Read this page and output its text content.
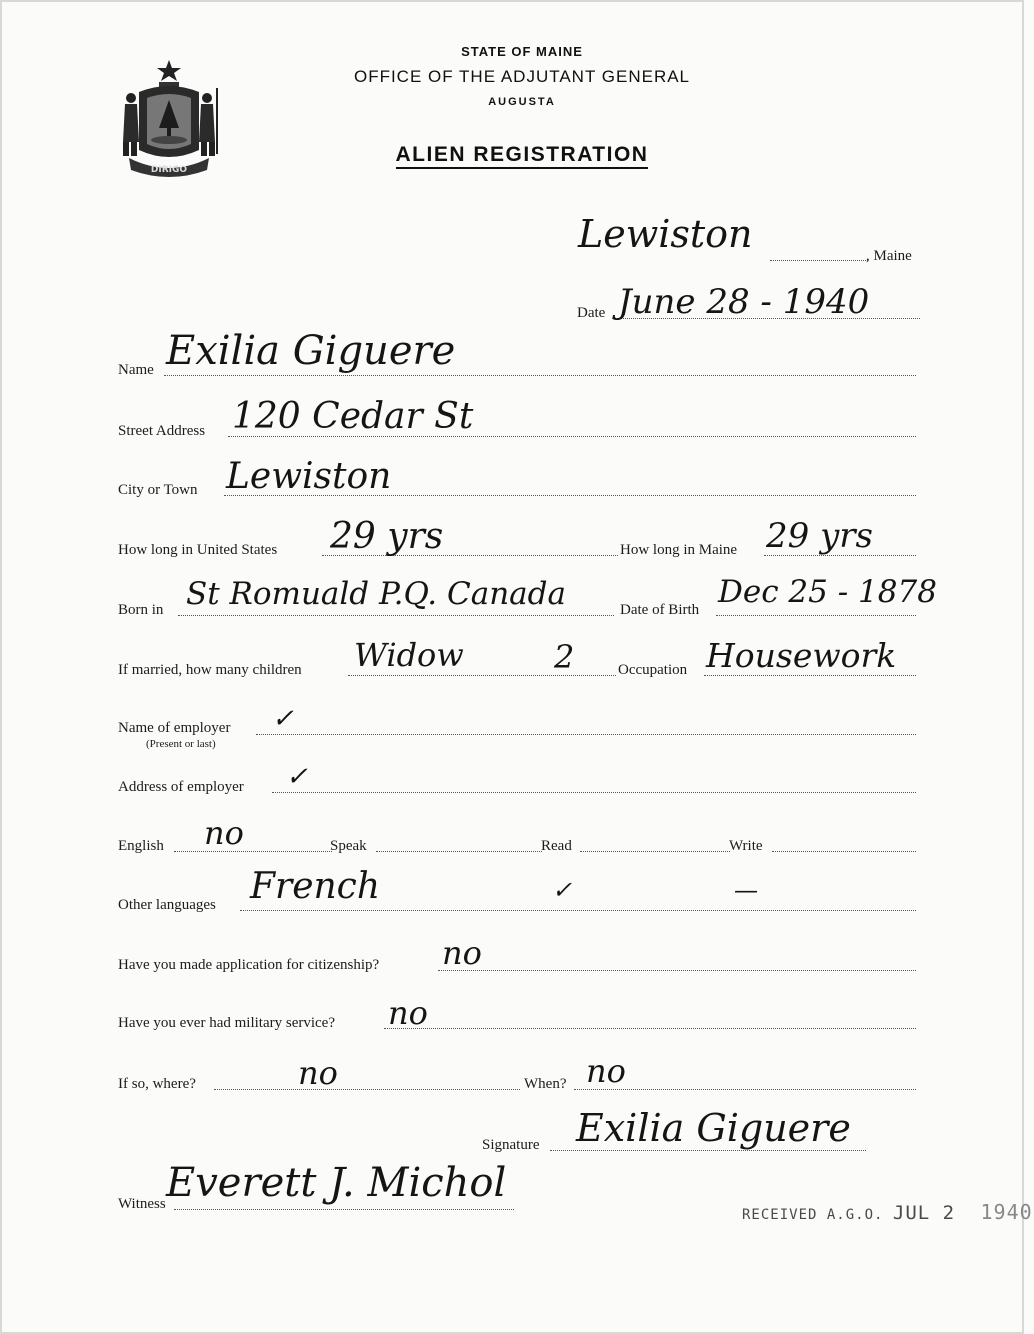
STATE OF MAINE
OFFICE OF THE ADJUTANT GENERAL
AUGUSTA
ALIEN REGISTRATION
DIRIGO
Lewiston	, Maine
Date June 28 - 1940
Name Exilia Giguere
Street Address 120 Cedar St
City or Town Lewiston
How long in United States 29 yrs	How long in Maine 29 yrs
Born in St Romuald P.Q. Canada	Date of Birth Dec 25 - 1878
If married, how many children Widow	2	Occupation Housework
Name of employer
(Present or last)
✓
Address of employer ✓
English no	Speak	Read	Write
Other languages French	✓	—
Have you made application for citizenship? no
Have you ever had military service? no
If so, where?	no	When? no
Signature Exilia Giguere
Witness Everett J. Michol
RECEIVED A.G.O. JUL 2 1940
